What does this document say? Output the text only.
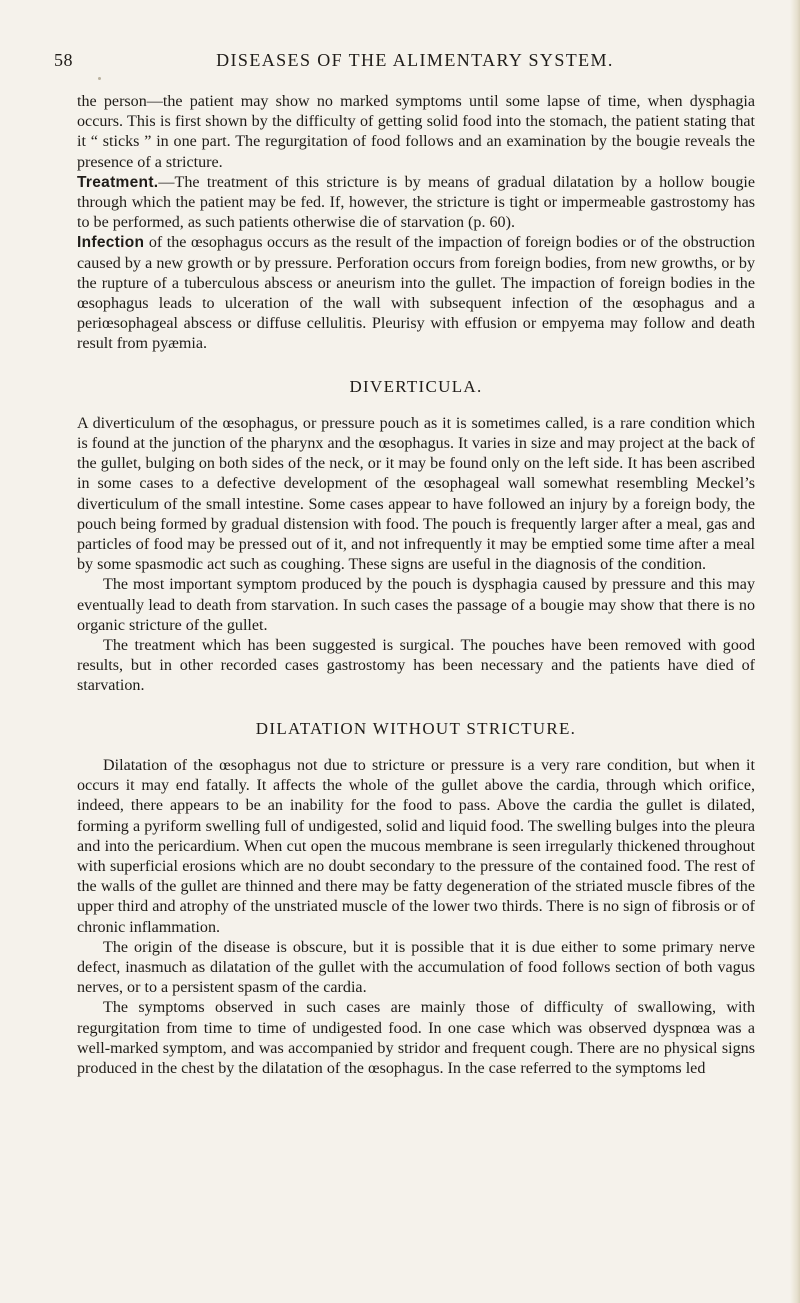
58	DISEASES OF THE ALIMENTARY SYSTEM.

the person—the patient may show no marked symptoms until some lapse of time, when dysphagia occurs. This is first shown by the difficulty of getting solid food into the stomach, the patient stating that it “ sticks ” in one part. The regurgitation of food follows and an examination by the bougie reveals the presence of a stricture.

Treatment.—The treatment of this stricture is by means of gradual dilatation by a hollow bougie through which the patient may be fed. If, however, the stricture is tight or impermeable gastrostomy has to be performed, as such patients otherwise die of starvation (p. 60).

Infection of the œsophagus occurs as the result of the impaction of foreign bodies or of the obstruction caused by a new growth or by pressure. Perforation occurs from foreign bodies, from new growths, or by the rupture of a tuberculous abscess or aneurism into the gullet. The impaction of foreign bodies in the œsophagus leads to ulceration of the wall with subsequent infection of the œsophagus and a periœsophageal abscess or diffuse cellulitis. Pleurisy with effusion or empyema may follow and death result from pyæmia.

DIVERTICULA.

A diverticulum of the œsophagus, or pressure pouch as it is sometimes called, is a rare condition which is found at the junction of the pharynx and the œsophagus. It varies in size and may project at the back of the gullet, bulging on both sides of the neck, or it may be found only on the left side. It has been ascribed in some cases to a defective development of the œsophageal wall somewhat resembling Meckel’s diverticulum of the small intestine. Some cases appear to have followed an injury by a foreign body, the pouch being formed by gradual distension with food. The pouch is frequently larger after a meal, gas and particles of food may be pressed out of it, and not infrequently it may be emptied some time after a meal by some spasmodic act such as coughing. These signs are useful in the diagnosis of the condition.

The most important symptom produced by the pouch is dysphagia caused by pressure and this may eventually lead to death from starvation. In such cases the passage of a bougie may show that there is no organic stricture of the gullet.

The treatment which has been suggested is surgical. The pouches have been removed with good results, but in other recorded cases gastrostomy has been necessary and the patients have died of starvation.

DILATATION WITHOUT STRICTURE.

Dilatation of the œsophagus not due to stricture or pressure is a very rare condition, but when it occurs it may end fatally. It affects the whole of the gullet above the cardia, through which orifice, indeed, there appears to be an inability for the food to pass. Above the cardia the gullet is dilated, forming a pyriform swelling full of undigested, solid and liquid food. The swelling bulges into the pleura and into the pericardium. When cut open the mucous membrane is seen irregularly thickened throughout with superficial erosions which are no doubt secondary to the pressure of the contained food. The rest of the walls of the gullet are thinned and there may be fatty degeneration of the striated muscle fibres of the upper third and atrophy of the unstriated muscle of the lower two thirds. There is no sign of fibrosis or of chronic inflammation.

The origin of the disease is obscure, but it is possible that it is due either to some primary nerve defect, inasmuch as dilatation of the gullet with the accumulation of food follows section of both vagus nerves, or to a persistent spasm of the cardia.

The symptoms observed in such cases are mainly those of difficulty of swallowing, with regurgitation from time to time of undigested food. In one case which was observed dyspnœa was a well-marked symptom, and was accompanied by stridor and frequent cough. There are no physical signs produced in the chest by the dilatation of the œsophagus. In the case referred to the symptoms led
